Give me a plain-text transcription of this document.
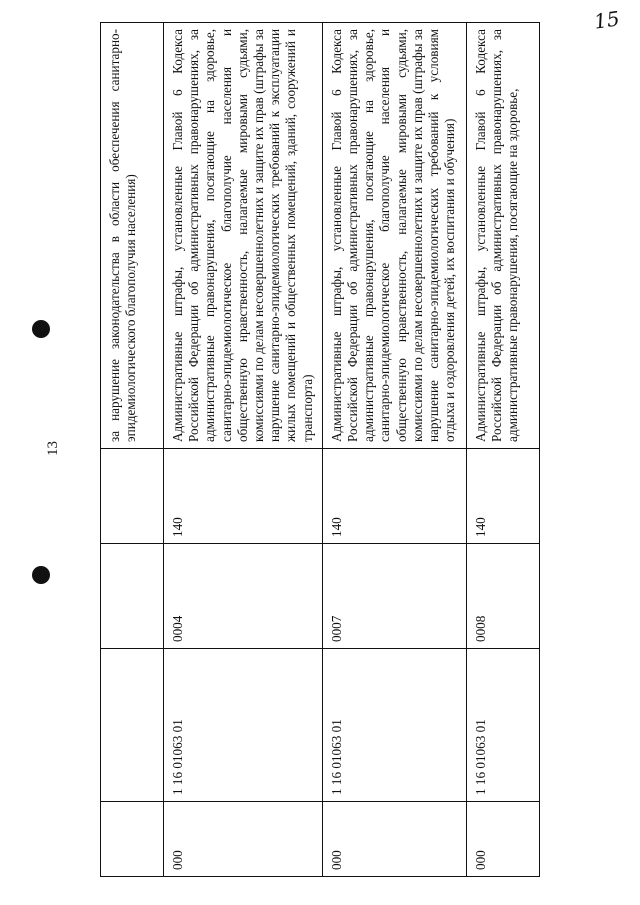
15
13
				за нарушение законодательства в области обеспечения санитарно-эпидемиологического благополучия населения)
000	1 16 01063 01	0004	140	Административные штрафы, установленные Главой 6 Кодекса Российской Федерации об административных правонарушениях, за административные правонарушения, посягающие на здоровье, санитарно-эпидемиологическое благополучие населения и общественную нравственность, налагаемые мировыми судьями, комиссиями по делам несовершеннолетних и защите их прав (штрафы за нарушение санитарно-эпидемиологических требований к эксплуатации жилых помещений и общественных помещений, зданий, сооружений и транспорта)
000	1 16 01063 01	0007	140	Административные штрафы, установленные Главой 6 Кодекса Российской Федерации об административных правонарушениях, за административные правонарушения, посягающие на здоровье, санитарно-эпидемиологическое благополучие населения и общественную нравственность, налагаемые мировыми судьями, комиссиями по делам несовершеннолетних и защите их прав (штрафы за нарушение санитарно-эпидемиологических требований к условиям отдыха и оздоровления детей, их воспитания и обучения)
000	1 16 01063 01	0008	140	Административные штрафы, установленные Главой 6 Кодекса Российской Федерации об административных правонарушениях, за административные правонарушения, посягающие на здоровье,
